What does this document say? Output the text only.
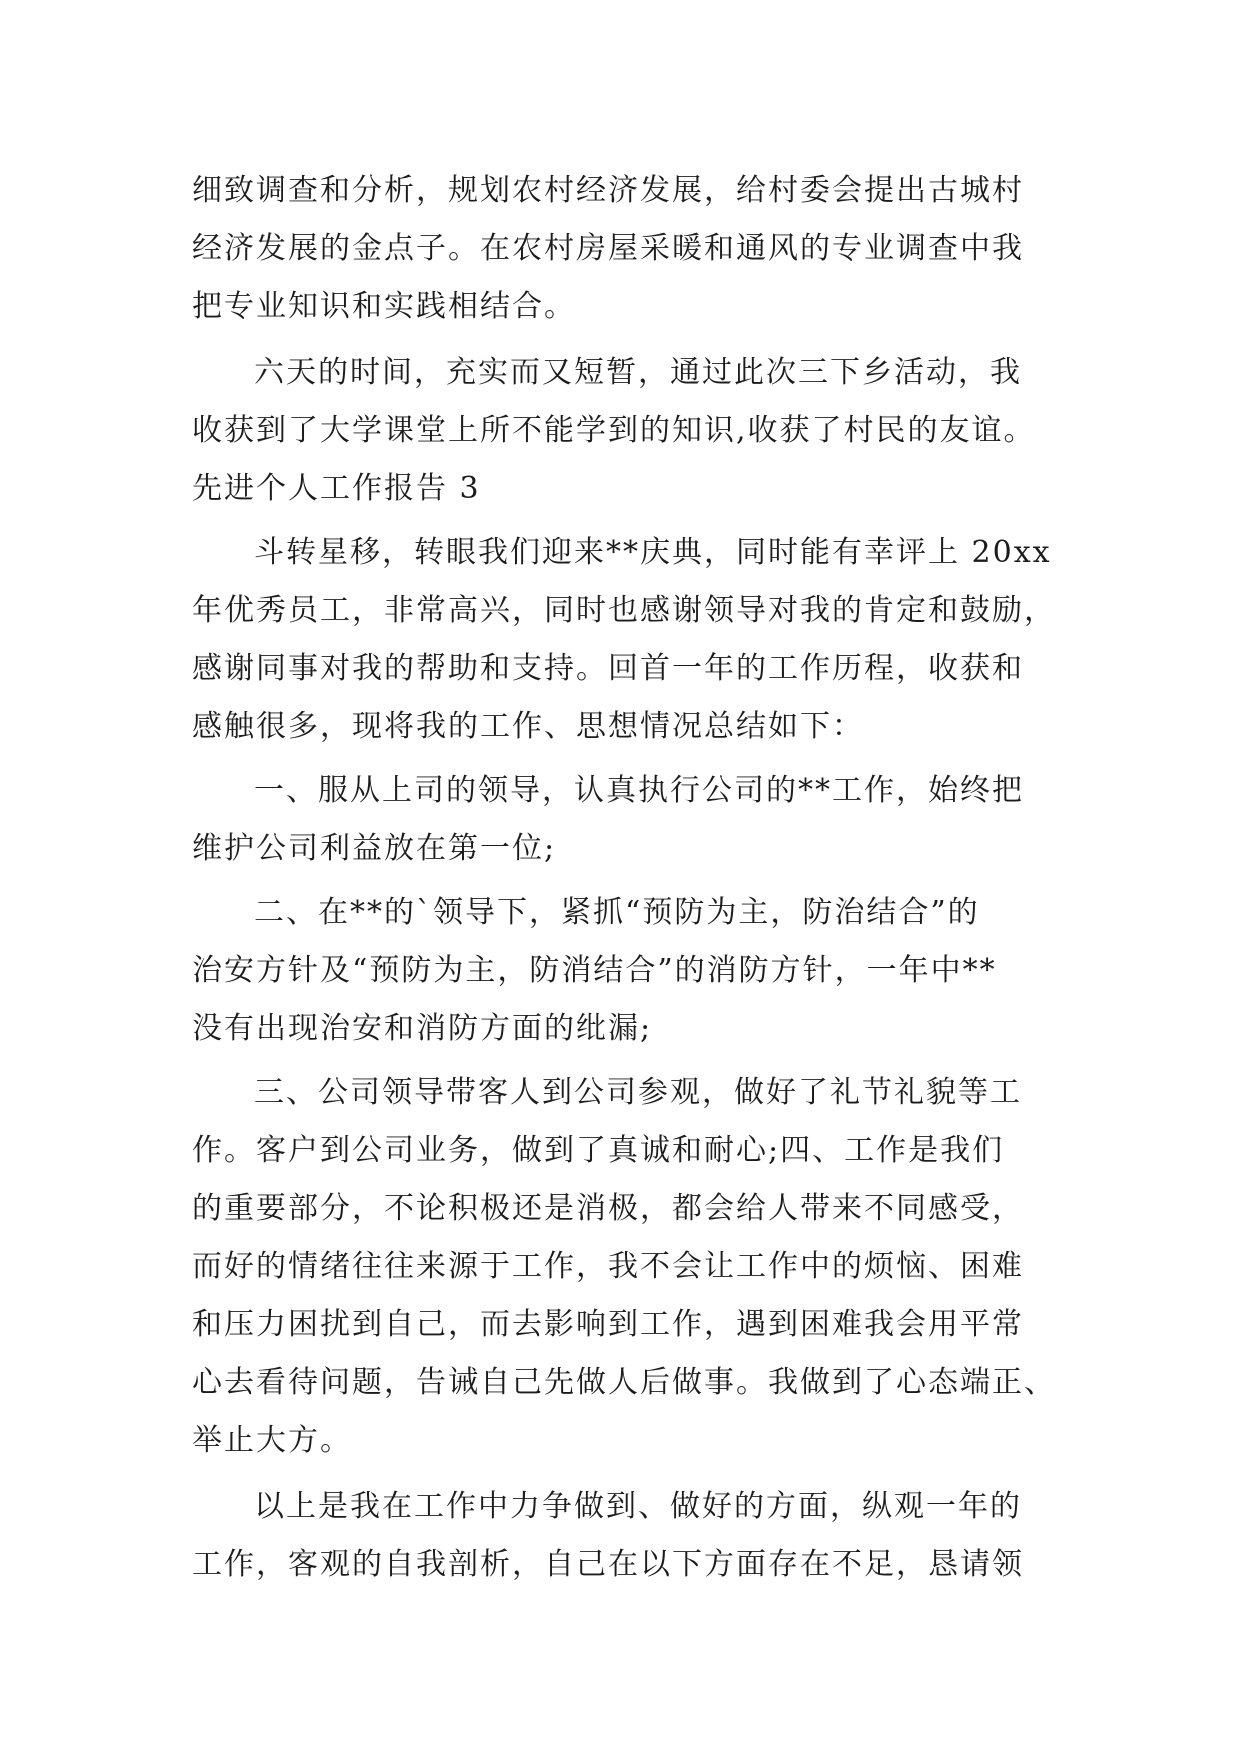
细致调查和分析，规划农村经济发展，给村委会提出古城村
经济发展的金点子。在农村房屋采暖和通风的专业调查中我
把专业知识和实践相结合。
六天的时间，充实而又短暂，通过此次三下乡活动，我
收获到了大学课堂上所不能学到的知识,收获了村民的友谊。
先进个人工作报告 3
斗转星移，转眼我们迎来**庆典，同时能有幸评上 20xx
年优秀员工，非常高兴，同时也感谢领导对我的肯定和鼓励，
感谢同事对我的帮助和支持。回首一年的工作历程，收获和
感触很多，现将我的工作、思想情况总结如下：
一、服从上司的领导，认真执行公司的**工作，始终把
维护公司利益放在第一位;
二、在**的`领导下，紧抓“预防为主，防治结合”的
治安方针及“预防为主，防消结合”的消防方针，一年中**
没有出现治安和消防方面的纰漏;
三、公司领导带客人到公司参观，做好了礼节礼貌等工
作。客户到公司业务，做到了真诚和耐心;四、工作是我们
的重要部分，不论积极还是消极，都会给人带来不同感受，
而好的情绪往往来源于工作，我不会让工作中的烦恼、困难
和压力困扰到自己，而去影响到工作，遇到困难我会用平常
心去看待问题，告诫自己先做人后做事。我做到了心态端正、
举止大方。
以上是我在工作中力争做到、做好的方面，纵观一年的
工作，客观的自我剖析，自己在以下方面存在不足，恳请领
